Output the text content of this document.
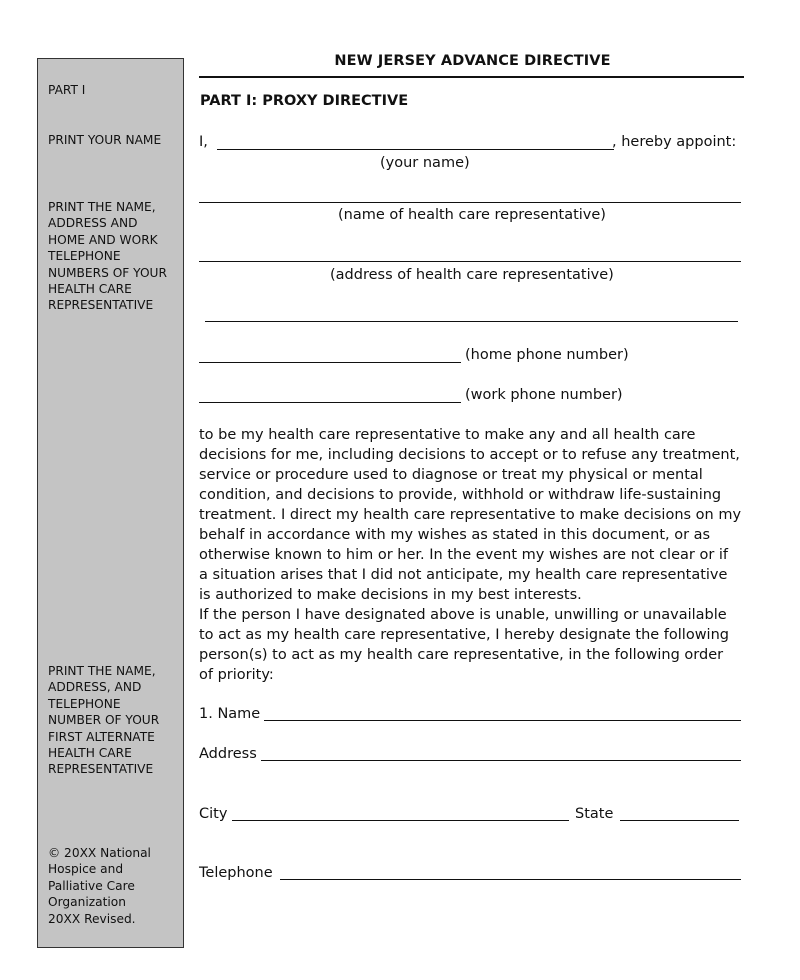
PART I
PRINT YOUR NAME
PRINT THE NAME,
ADDRESS AND
HOME AND WORK
TELEPHONE
NUMBERS OF YOUR
HEALTH CARE
REPRESENTATIVE
PRINT THE NAME,
ADDRESS, AND
TELEPHONE
NUMBER OF YOUR
FIRST ALTERNATE
HEALTH CARE
REPRESENTATIVE
© 20XX National
Hospice and
Palliative Care
Organization
20XX Revised.
NEW JERSEY ADVANCE DIRECTIVE
PART I: PROXY DIRECTIVE
I,	, hereby appoint:
(your name)
(name of health care representative)
(address of health care representative)
(home phone number)
(work phone number)
to be my health care representative to make any and all health care
decisions for me, including decisions to accept or to refuse any treatment,
service or procedure used to diagnose or treat my physical or mental
condition, and decisions to provide, withhold or withdraw life-sustaining
treatment. I direct my health care representative to make decisions on my
behalf in accordance with my wishes as stated in this document, or as
otherwise known to him or her. In the event my wishes are not clear or if
a situation arises that I did not anticipate, my health care representative
is authorized to make decisions in my best interests.
If the person I have designated above is unable, unwilling or unavailable
to act as my health care representative, I hereby designate the following
person(s) to act as my health care representative, in the following order
of priority:
1. Name
Address
City	State
Telephone
